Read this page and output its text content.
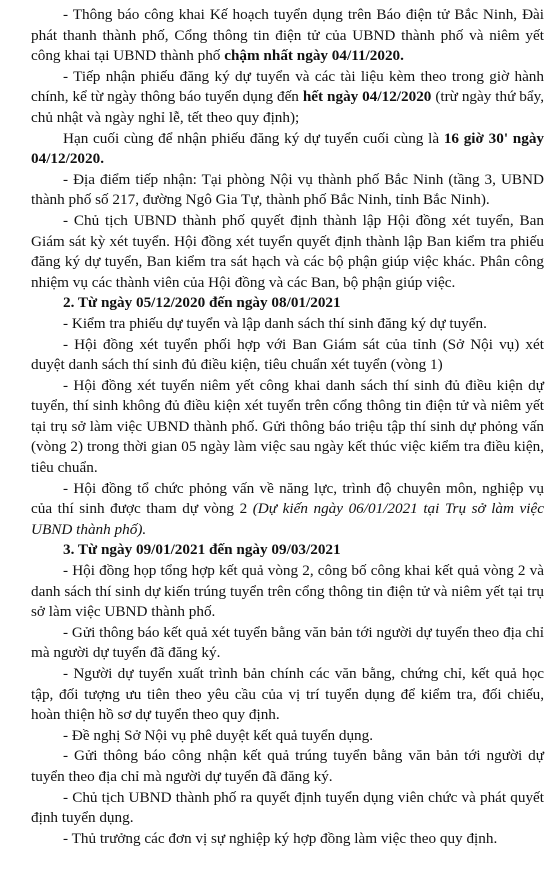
- Thông báo công khai Kế hoạch tuyển dụng trên Báo điện tử Bắc Ninh, Đài phát thanh thành phố, Cổng thông tin điện tử của UBND thành phố và niêm yết công khai tại UBND thành phố chậm nhất ngày 04/11/2020.

- Tiếp nhận phiếu đăng ký dự tuyển và các tài liệu kèm theo trong giờ hành chính, kể từ ngày thông báo tuyển dụng đến hết ngày 04/12/2020 (trừ ngày thứ bẩy, chủ nhật và ngày nghỉ lễ, tết theo quy định);

Hạn cuối cùng để nhận phiếu đăng ký dự tuyển cuối cùng là 16 giờ 30' ngày 04/12/2020.

- Địa điểm tiếp nhận: Tại phòng Nội vụ thành phố Bắc Ninh (tầng 3, UBND thành phố số 217, đường Ngô Gia Tự, thành phố Bắc Ninh, tỉnh Bắc Ninh).

- Chủ tịch UBND thành phố quyết định thành lập Hội đồng xét tuyển, Ban Giám sát kỳ xét tuyển. Hội đồng xét tuyển quyết định thành lập Ban kiểm tra phiếu đăng ký dự tuyển, Ban kiểm tra sát hạch và các bộ phận giúp việc khác. Phân công nhiệm vụ các thành viên của Hội đồng và các Ban, bộ phận giúp việc.

2. Từ ngày 05/12/2020 đến ngày 08/01/2021

- Kiểm tra phiếu dự tuyển và lập danh sách thí sinh đăng ký dự tuyển.

- Hội đồng xét tuyển phối hợp với Ban Giám sát của tỉnh (Sở Nội vụ) xét duyệt danh sách thí sinh đủ điều kiện, tiêu chuẩn xét tuyển (vòng 1)

- Hội đồng xét tuyển niêm yết công khai danh sách thí sinh đủ điều kiện dự tuyển, thí sinh không đủ điều kiện xét tuyển trên cổng thông tin điện tử và niêm yết tại trụ sở làm việc UBND thành phố. Gửi thông báo triệu tập thí sinh dự phỏng vấn (vòng 2) trong thời gian 05 ngày làm việc sau ngày kết thúc việc kiểm tra điều kiện, tiêu chuẩn.

- Hội đồng tổ chức phỏng vấn về năng lực, trình độ chuyên môn, nghiệp vụ của thí sinh được tham dự vòng 2 (Dự kiến ngày 06/01/2021 tại Trụ sở làm việc UBND thành phố).

3. Từ ngày 09/01/2021 đến ngày 09/03/2021

- Hội đồng họp tổng hợp kết quả vòng 2, công bố công khai kết quả vòng 2 và danh sách thí sinh dự kiến trúng tuyển trên cổng thông tin điện tử và niêm yết tại trụ sở làm việc UBND thành phố.

- Gửi thông báo kết quả xét tuyển bằng văn bản tới người dự tuyển theo địa chỉ mà người dự tuyển đã đăng ký.

- Người dự tuyển xuất trình bản chính các văn bằng, chứng chỉ, kết quả học tập, đối tượng ưu tiên theo yêu cầu của vị trí tuyển dụng để kiểm tra, đối chiếu, hoàn thiện hồ sơ dự tuyển theo quy định.

- Đề nghị Sở Nội vụ phê duyệt kết quả tuyển dụng.

- Gửi thông báo công nhận kết quả trúng tuyển bằng văn bản tới người dự tuyển theo địa chỉ mà người dự tuyển đã đăng ký.

- Chủ tịch UBND thành phố ra quyết định tuyển dụng viên chức và phát quyết định tuyển dụng.

- Thủ trưởng các đơn vị sự nghiệp ký hợp đồng làm việc theo quy định.
